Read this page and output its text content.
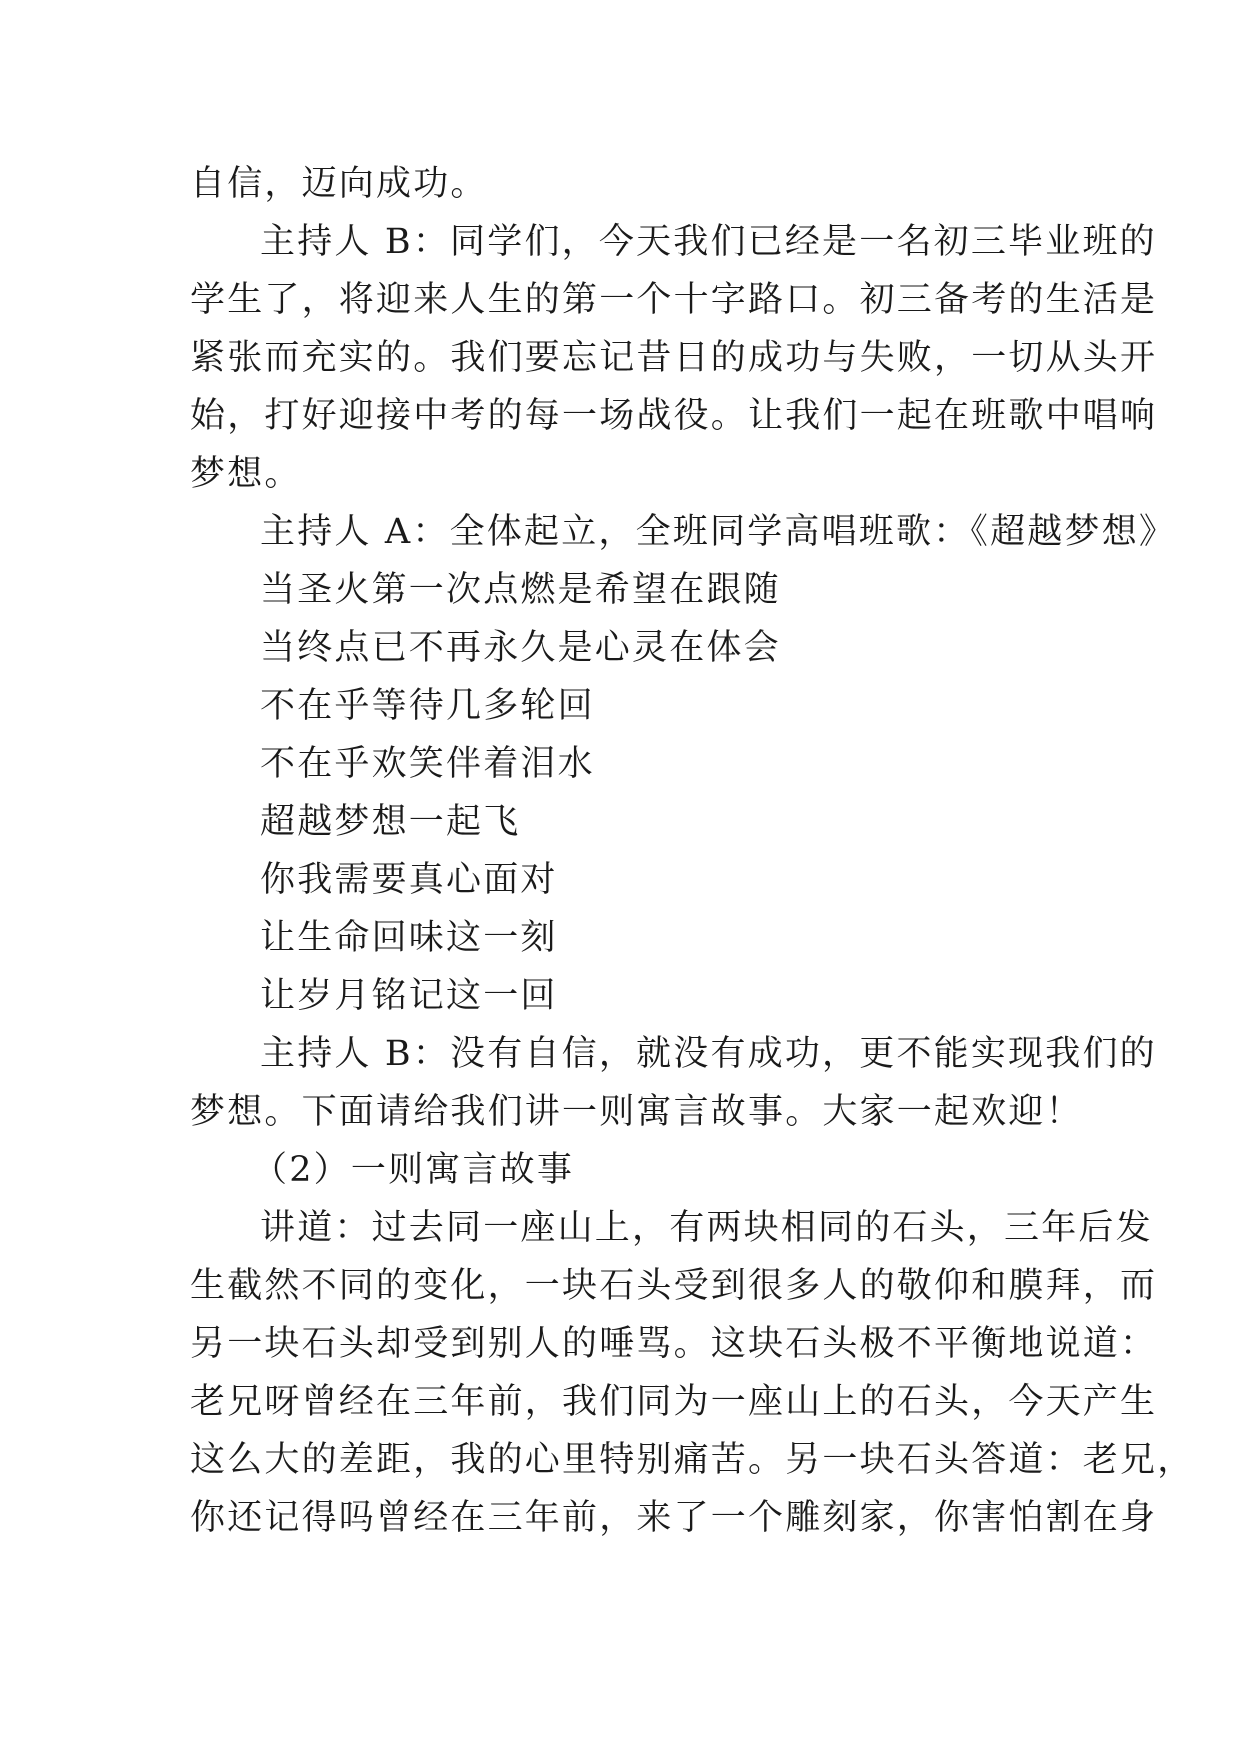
自信，迈向成功。
主持人 B：同学们，今天我们已经是一名初三毕业班的
学生了，将迎来人生的第一个十字路口。初三备考的生活是
紧张而充实的。我们要忘记昔日的成功与失败，一切从头开
始，打好迎接中考的每一场战役。让我们一起在班歌中唱响
梦想。
主持人 A：全体起立，全班同学高唱班歌：《超越梦想》
当圣火第一次点燃是希望在跟随
当终点已不再永久是心灵在体会
不在乎等待几多轮回
不在乎欢笑伴着泪水
超越梦想一起飞
你我需要真心面对
让生命回味这一刻
让岁月铭记这一回
主持人 B：没有自信，就没有成功，更不能实现我们的
梦想。下面请给我们讲一则寓言故事。大家一起欢迎！
（2）一则寓言故事
讲道：过去同一座山上，有两块相同的石头，三年后发
生截然不同的变化，一块石头受到很多人的敬仰和膜拜，而
另一块石头却受到别人的唾骂。这块石头极不平衡地说道：
老兄呀曾经在三年前，我们同为一座山上的石头，今天产生
这么大的差距，我的心里特别痛苦。另一块石头答道：老兄，
你还记得吗曾经在三年前，来了一个雕刻家，你害怕割在身
